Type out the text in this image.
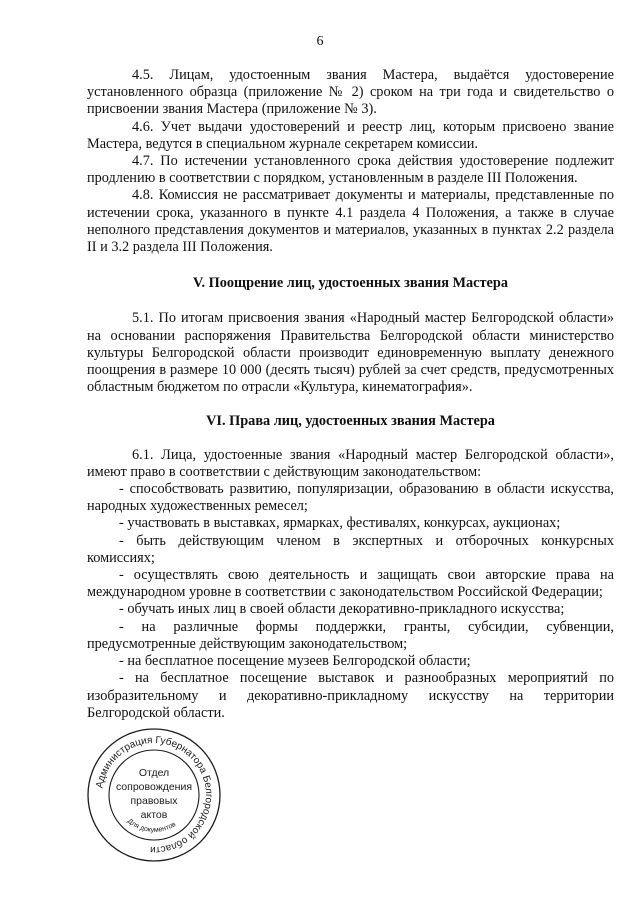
6

4.5. Лицам, удостоенным звания Мастера, выдаётся удостоверение установленного образца (приложение № 2) сроком на три года и свидетельство о присвоении звания Мастера (приложение № 3).

4.6. Учет выдачи удостоверений и реестр лиц, которым присвоено звание Мастера, ведутся в специальном журнале секретарем комиссии.

4.7. По истечении установленного срока действия удостоверение подлежит продлению в соответствии с порядком, установленным в разделе III Положения.

4.8. Комиссия не рассматривает документы и материалы, представленные по истечении срока, указанного в пункте 4.1 раздела 4 Положения, а также в случае неполного представления документов и материалов, указанных в пунктах 2.2 раздела II и 3.2 раздела III Положения.

V. Поощрение лиц, удостоенных звания Мастера

5.1. По итогам присвоения звания «Народный мастер Белгородской области» на основании распоряжения Правительства Белгородской области министерство культуры Белгородской области производит единовременную выплату денежного поощрения в размере 10 000 (десять тысяч) рублей за счет средств, предусмотренных областным бюджетом по отрасли «Культура, кинематография».

VI. Права лиц, удостоенных звания Мастера

6.1. Лица, удостоенные звания «Народный мастер Белгородской области», имеют право в соответствии с действующим законодательством:

- способствовать развитию, популяризации, образованию в области искусства, народных художественных ремесел;

- участвовать в выставках, ярмарках, фестивалях, конкурсах, аукционах;

- быть действующим членом в экспертных и отборочных конкурсных комиссиях;

- осуществлять свою деятельность и защищать свои авторские права на международном уровне в соответствии с законодательством Российской Федерации;

- обучать иных лиц в своей области декоративно-прикладного искусства;

- на различные формы поддержки, гранты, субсидии, субвенции, предусмотренные действующим законодательством;

- на бесплатное посещение музеев Белгородской области;

- на бесплатное посещение выставок и разнообразных мероприятий по изобразительному и декоративно-прикладному искусству на территории Белгородской области.

Администрация Губернатора Белгородской области
Для документов
Отдел
сопровождения
правовых
актов
